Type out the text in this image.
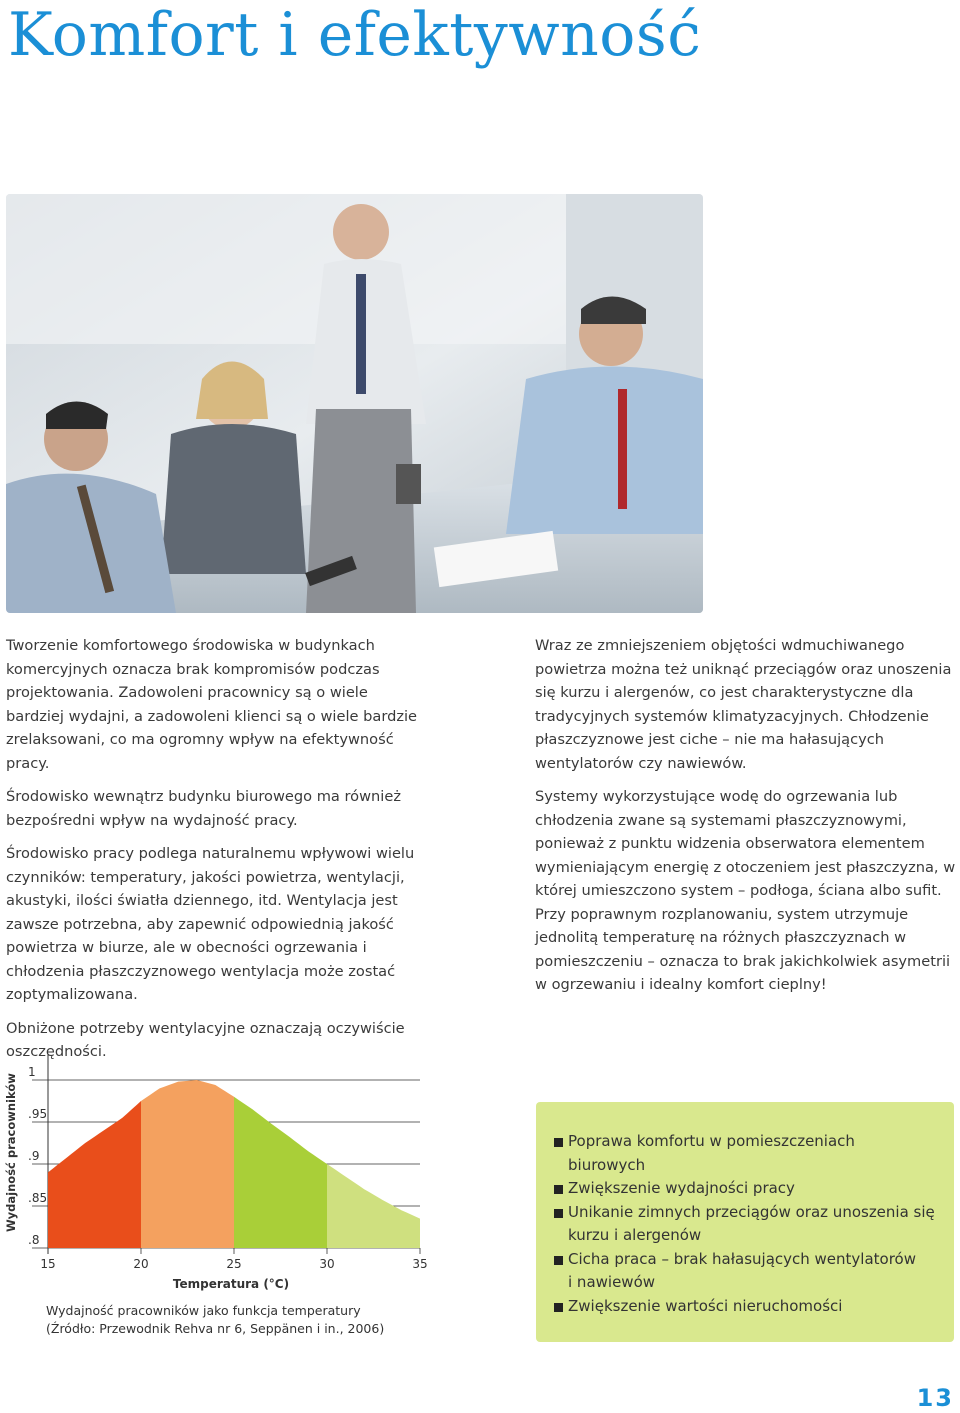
Komfort i efektywność

Tworzenie komfortowego środowiska w budynkach komercyjnych oznacza brak kompromisów podczas projektowania. Zadowoleni pracownicy są o wiele bardziej wydajni, a zadowoleni klienci są o wiele bardzie zrelaksowani, co ma ogromny wpływ na efektywność pracy.

Środowisko wewnątrz budynku biurowego ma również bezpośredni wpływ na wydajność pracy.

Środowisko pracy podlega naturalnemu wpływowi wielu czynników: temperatury, jakości powietrza, wentylacji, akustyki, ilości światła dziennego, itd. Wentylacja jest zawsze potrzebna, aby zapewnić odpowiednią jakość powietrza w biurze, ale w obecności ogrzewania i chłodzenia płaszczyznowego wentylacja może zostać zoptymalizowana.

Obniżone potrzeby wentylacyjne oznaczają oczywiście oszczędności.

Wraz ze zmniejszeniem objętości wdmuchiwanego powietrza można też uniknąć przeciągów oraz unoszenia się kurzu i alergenów, co jest charakterystyczne dla tradycyjnych systemów klimatyzacyjnych. Chłodzenie płaszczyznowe jest ciche – nie ma hałasujących wentylatorów czy nawiewów.

Systemy wykorzystujące wodę do ogrzewania lub chłodzenia zwane są systemami płaszczyznowymi, ponieważ z punktu widzenia obserwatora elementem wymieniającym energię z otoczeniem jest płaszczyzna, w której umieszczono system – podłoga, ściana albo sufit. Przy poprawnym rozplanowaniu, system utrzymuje jednolitą temperaturę na różnych płaszczyznach w pomieszczeniu – oznacza to brak jakichkolwiek asymetrii w ogrzewaniu i idealny komfort cieplny!

1
.95
.9
.85
.8
15	20	25	30	35
Temperatura (°C)
Wydajność pracowników
Wydajność pracowników jako funkcja temperatury
(Źródło: Przewodnik Rehva nr 6, Seppänen i in., 2006)
Poprawa komfortu w pomieszczeniach
biurowych
Zwiększenie wydajności pracy
Unikanie zimnych przeciągów oraz unoszenia się
kurzu i alergenów
Cicha praca – brak hałasujących wentylatorów
i nawiewów
Zwiększenie wartości nieruchomości
13
